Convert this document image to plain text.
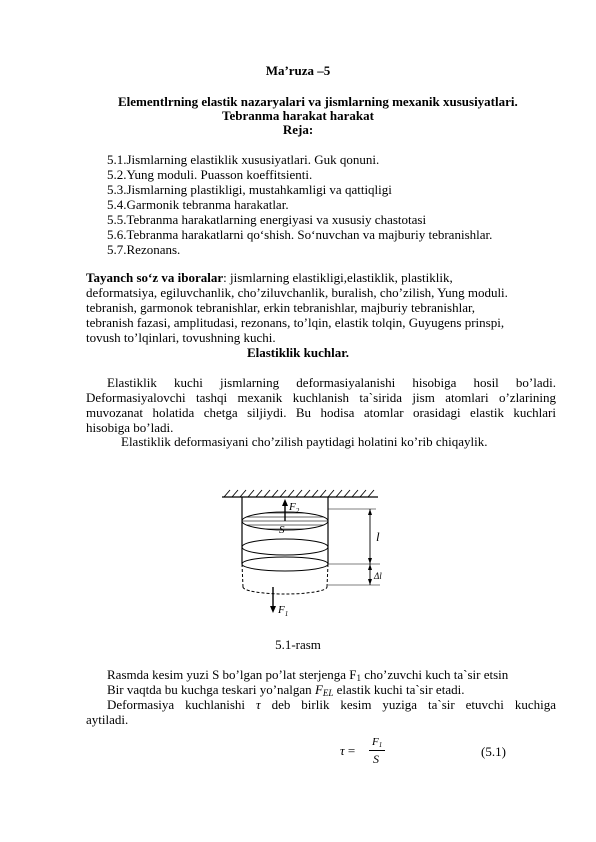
Ma’ruza –5
Elementlrning elastik nazaryalari va jismlarning mexanik xususiyatlari.
Tebranma harakat harakat
Reja:
5.1.Jismlarning elastiklik xususiyatlari. Guk qonuni.
5.2.Yung moduli. Puasson koeffitsienti.
5.3.Jismlarning plastikligi, mustahkamligi va qattiqligi
5.4.Garmonik tebranma harakatlar.
5.5.Tebranma harakatlarning energiyasi va xususiy chastotasi
5.6.Tebranma harakatlarni qo‘shish. So‘nuvchan va majburiy tebranishlar.
5.7.Rezonans.
Tayanch so‘z va iboralar: jismlarning elastikligi,elastiklik, plastiklik,
deformatsiya, egiluvchanlik, cho’ziluvchanlik, buralish, cho’zilish, Yung moduli.
tebranish, garmonok tebranishlar, erkin tebranishlar, majburiy tebranishlar,
tebranish fazasi, amplitudasi, rezonans, to’lqin, elastik tolqin, Guyugens prinspi,
tovush to’lqinlari, tovushning kuchi.
Elastiklik kuchlar.
Elastiklik kuchi jismlarning deformasiyalanishi hisobiga hosil bo’ladi.
Deformasiyalovchi tashqi mexanik kuchlanish ta`sirida jism atomlari o’zlarining
muvozanat holatida chetga siljiydi. Bu hodisa atomlar orasidagi elastik kuchlari
hisobiga bo’ladi.
Elastiklik deformasiyani cho’zilish paytidagi holatini ko’rib chiqaylik.
$F_2$
S
$F_1$
l
Δl
5.1-rasm
Rasmda kesim yuzi S bo’lgan po’lat sterjenga $F_1$ cho’zuvchi kuch ta`sir etsin
Bir vaqtda bu kuchga teskari yo’nalgan $F_{EL}$ elastik kuchi ta`sir etadi.
Deformasiya kuchlanishi τ deb birlik kesim yuziga ta`sir etuvchi kuchiga
aytiladi.
τ =
$F_1$
S	(5.1)
